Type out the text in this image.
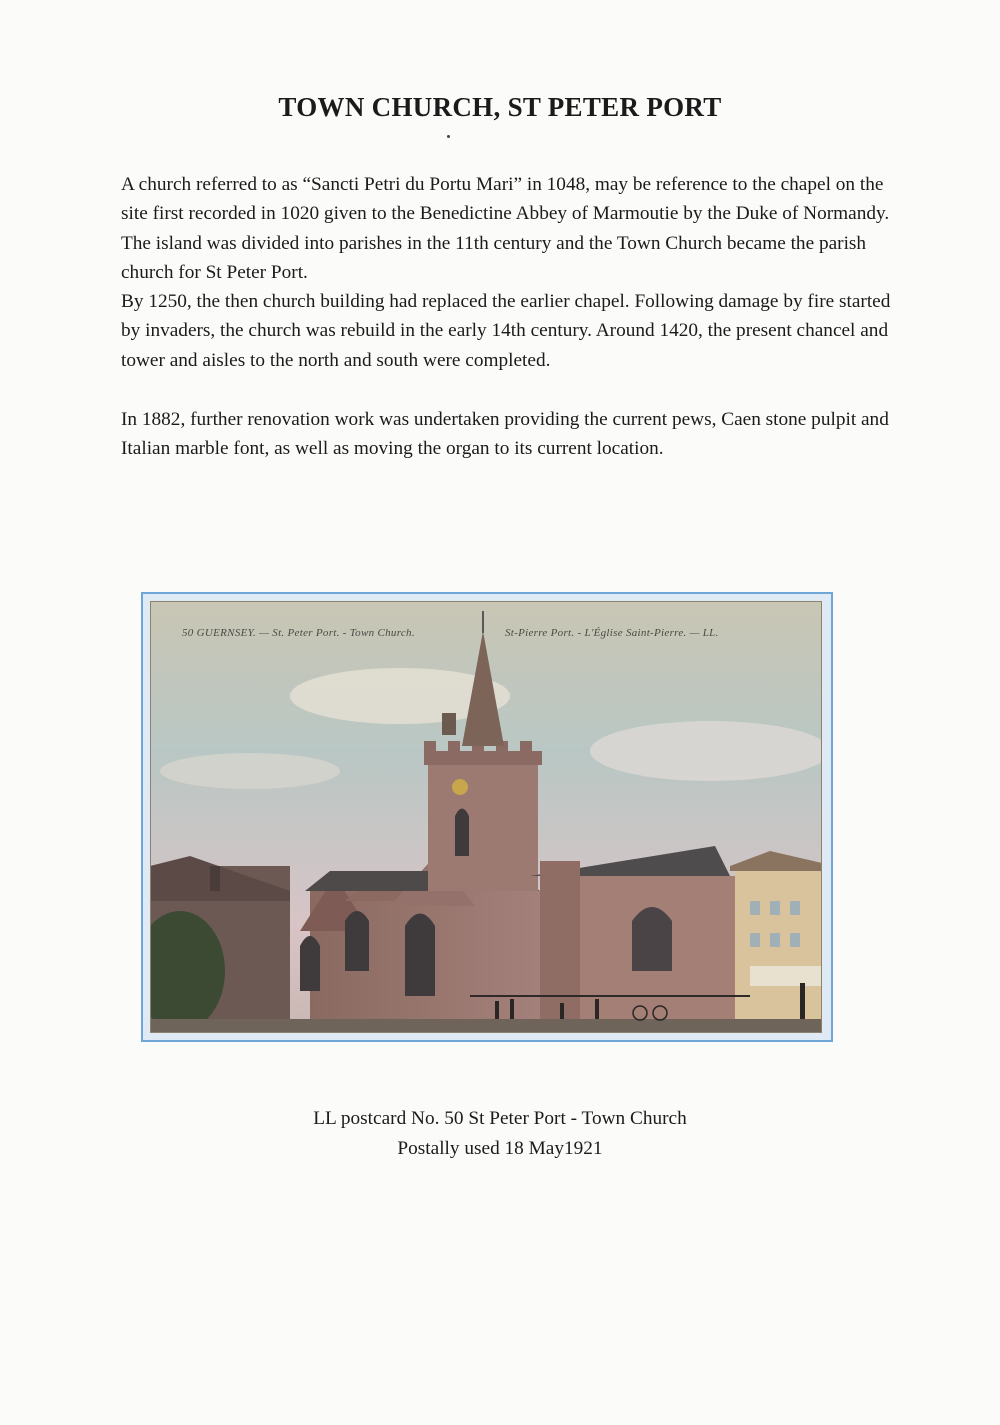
TOWN CHURCH, ST PETER PORT

A church referred to as “Sancti Petri du Portu Mari” in 1048, may be reference to the chapel on the site first recorded in 1020 given to the Benedictine Abbey of Marmoutie by the Duke of Normandy. The island was divided into parishes in the 11th century and the Town Church became the parish church for St Peter Port.

By 1250, the then church building had replaced the earlier chapel. Following damage by fire started by invaders, the church was rebuild in the early 14th century. Around 1420, the present chancel and tower and aisles to the north and south were completed.

In 1882, further renovation work was undertaken providing the current pews, Caen stone pulpit and Italian marble font, as well as moving the organ to its current location.

50 GUERNSEY. — St. Peter Port. - Town Church.	St-Pierre Port. - L'Église Saint-Pierre. — LL.
LL postcard No. 50 St Peter Port - Town Church
Postally used 18 May1921
